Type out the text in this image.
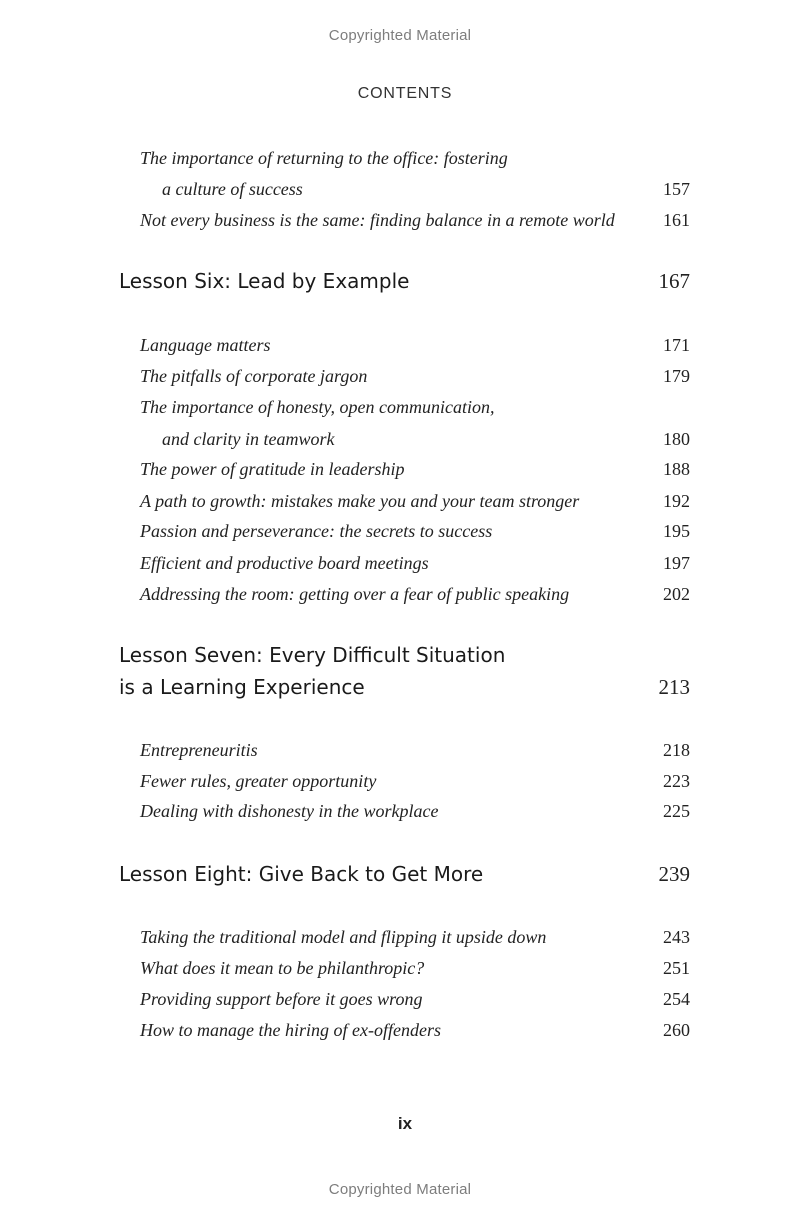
Copyrighted Material
CONTENTS
The importance of returning to the office: fostering
a culture of success	157
Not every business is the same: finding balance in a remote world	161
Lesson Six: Lead by Example	167
Language matters	171
The pitfalls of corporate jargon	179
The importance of honesty, open communication,
and clarity in teamwork	180
The power of gratitude in leadership	188
A path to growth: mistakes make you and your team stronger	192
Passion and perseverance: the secrets to success	195
Efficient and productive board meetings	197
Addressing the room: getting over a fear of public speaking	202
Lesson Seven: Every Difficult Situation
is a Learning Experience	213
Entrepreneuritis	218
Fewer rules, greater opportunity	223
Dealing with dishonesty in the workplace	225
Lesson Eight: Give Back to Get More	239
Taking the traditional model and flipping it upside down	243
What does it mean to be philanthropic?	251
Providing support before it goes wrong	254
How to manage the hiring of ex-offenders	260
ix
Copyrighted Material
